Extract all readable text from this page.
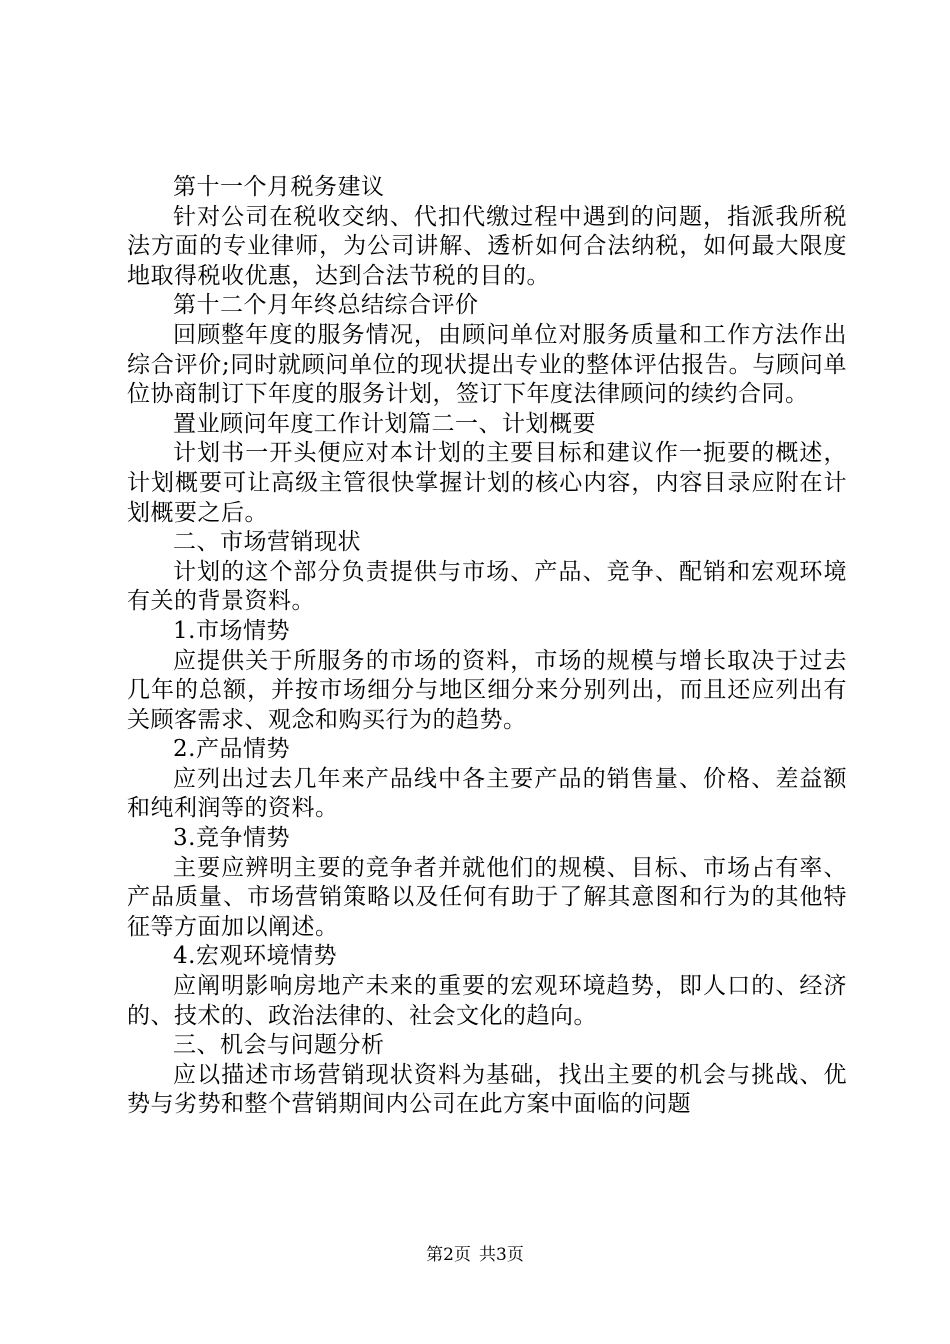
第十一个月税务建议

针对公司在税收交纳、代扣代缴过程中遇到的问题，指派我所税法方面的专业律师，为公司讲解、透析如何合法纳税，如何最大限度地取得税收优惠，达到合法节税的目的。

第十二个月年终总结综合评价

回顾整年度的服务情况，由顾问单位对服务质量和工作方法作出综合评价;同时就顾问单位的现状提出专业的整体评估报告。与顾问单位协商制订下年度的服务计划，签订下年度法律顾问的续约合同。

置业顾问年度工作计划篇二一、计划概要

计划书一开头便应对本计划的主要目标和建议作一扼要的概述，计划概要可让高级主管很快掌握计划的核心内容，内容目录应附在计划概要之后。

二、市场营销现状

计划的这个部分负责提供与市场、产品、竞争、配销和宏观环境有关的背景资料。

1.市场情势

应提供关于所服务的市场的资料，市场的规模与增长取决于过去几年的总额，并按市场细分与地区细分来分别列出，而且还应列出有关顾客需求、观念和购买行为的趋势。

2.产品情势

应列出过去几年来产品线中各主要产品的销售量、价格、差益额和纯利润等的资料。

3.竞争情势

主要应辨明主要的竞争者并就他们的规模、目标、市场占有率、产品质量、市场营销策略以及任何有助于了解其意图和行为的其他特征等方面加以阐述。

4.宏观环境情势

应阐明影响房地产未来的重要的宏观环境趋势，即人口的、经济的、技术的、政治法律的、社会文化的趋向。

三、机会与问题分析

应以描述市场营销现状资料为基础，找出主要的机会与挑战、优势与劣势和整个营销期间内公司在此方案中面临的问题

第2页 共3页
